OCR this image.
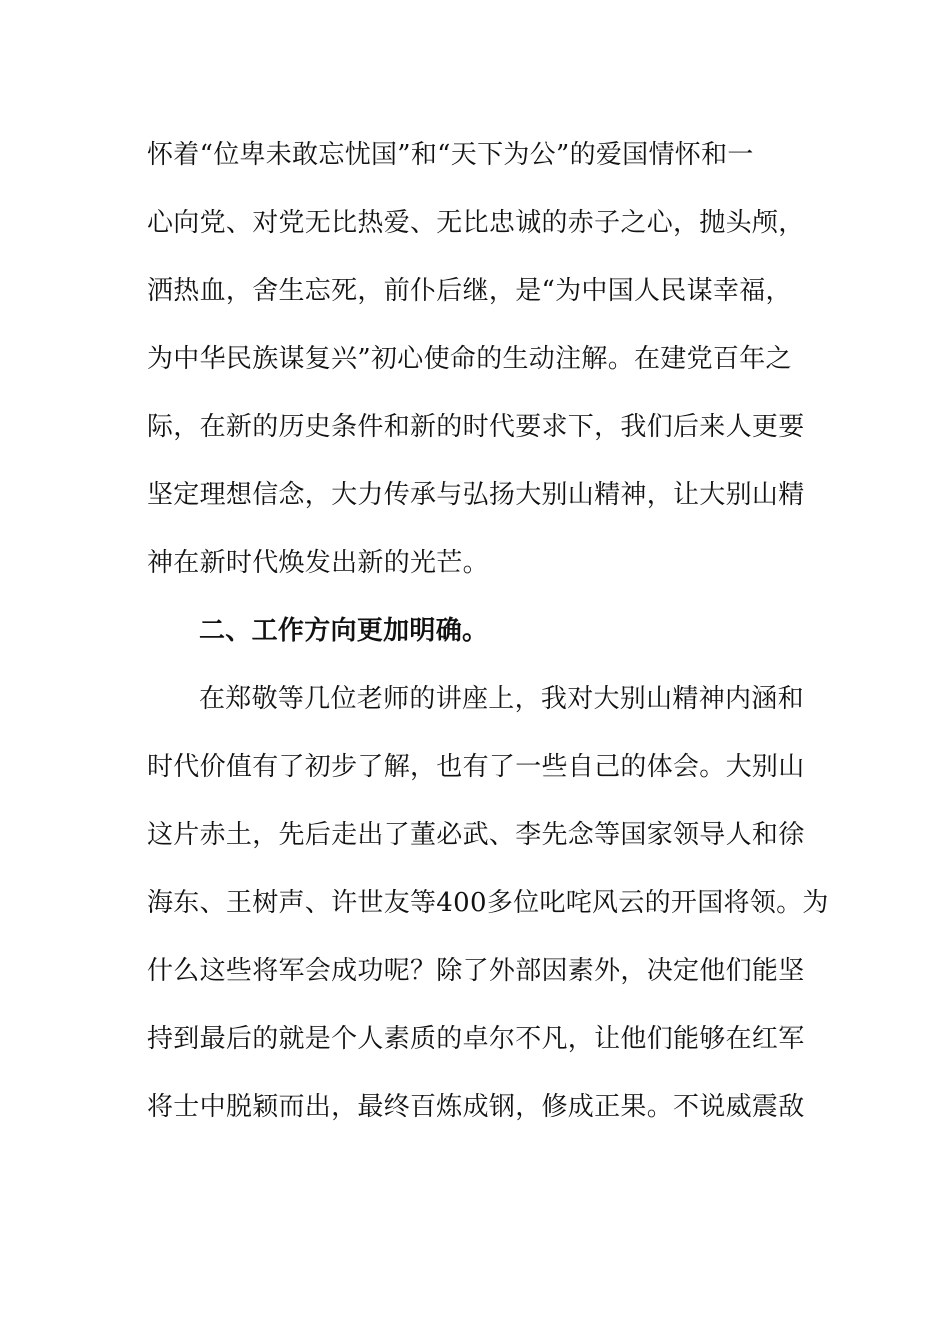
怀着“位卑未敢忘忧国”和“天下为公”的爱国情怀和一
心向党、对党无比热爱、无比忠诚的赤子之心，抛头颅，
洒热血，舍生忘死，前仆后继，是“为中国人民谋幸福，
为中华民族谋复兴”初心使命的生动注解。在建党百年之
际，在新的历史条件和新的时代要求下，我们后来人更要
坚定理想信念，大力传承与弘扬大别山精神，让大别山精
神在新时代焕发出新的光芒。
二、工作方向更加明确。
在郑敬等几位老师的讲座上，我对大别山精神内涵和
时代价值有了初步了解，也有了一些自己的体会。大别山
这片赤土，先后走出了董必武、李先念等国家领导人和徐
海东、王树声、许世友等400多位叱咤风云的开国将领。为
什么这些将军会成功呢？除了外部因素外，决定他们能坚
持到最后的就是个人素质的卓尔不凡，让他们能够在红军
将士中脱颖而出，最终百炼成钢，修成正果。不说威震敌
